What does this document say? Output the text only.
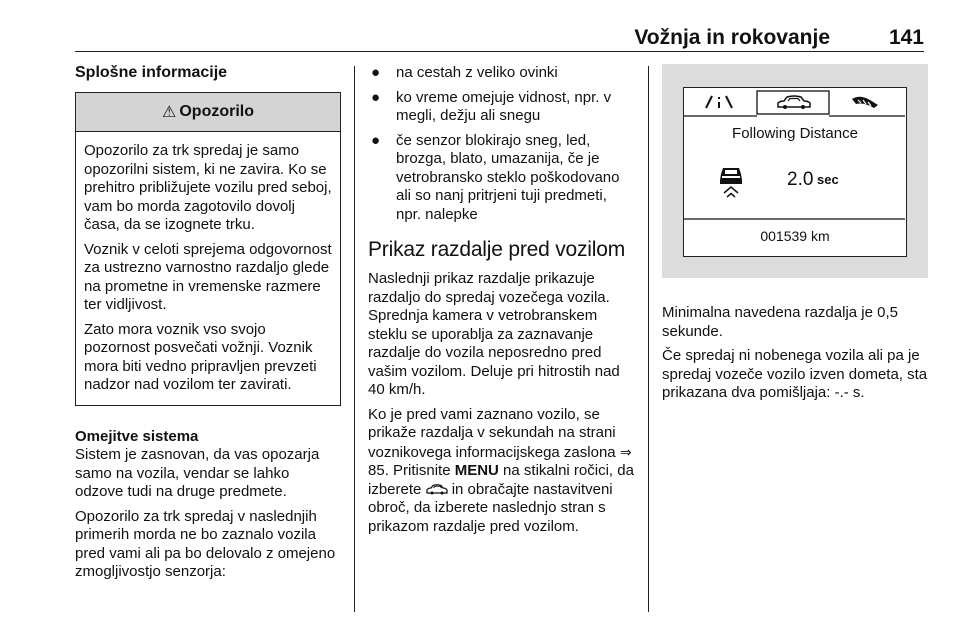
Vožnja in rokovanje	141
Splošne informacije
⚠ Opozorilo

Opozorilo za trk spredaj je samo opozorilni sistem, ki ne zavira. Ko se prehitro približujete vozilu pred seboj, vam bo morda zagotovilo dovolj časa, da se izognete trku.

Voznik v celoti sprejema odgovornost za ustrezno varnostno razdaljo glede na prometne in vremenske razmere ter vidljivost.

Zato mora voznik vso svojo pozornost posvečati vožnji. Voznik mora biti vedno pripravljen prevzeti nadzor nad vozilom ter zavirati.

Omejitve sistema

Sistem je zasnovan, da vas opozarja samo na vozila, vendar se lahko odzove tudi na druge predmete.

Opozorilo za trk spredaj v naslednjih primerih morda ne bo zaznalo vozila pred vami ali pa bo delovalo z omejeno zmogljivostjo senzorja:

●	na cestah z veliko ovinki
●	ko vreme omejuje vidnost, npr. v megli, dežju ali snegu
●	če senzor blokirajo sneg, led, brozga, blato, umazanija, če je vetrobransko steklo poškodovano ali so nanj pritrjeni tuji predmeti, npr. nalepke
Prikaz razdalje pred vozilom

Naslednji prikaz razdalje prikazuje razdaljo do spredaj vozečega vozila. Sprednja kamera v vetrobranskem steklu se uporablja za zaznavanje razdalje do vozila neposredno pred vašim vozilom. Deluje pri hitrostih nad 40 km/h.

Ko je pred vami zaznano vozilo, se prikaže razdalja v sekundah na strani voznikovega informacijskega zaslona ⇒ 85. Pritisnite MENU na stikalni ročici, da izberete  in obračajte nastavitveni obroč, da izberete naslednjo stran s prikazom razdalje pred vozilom.

Following Distance
2.0 sec
001539 km

Minimalna navedena razdalja je 0,5 sekunde.

Če spredaj ni nobenega vozila ali pa je spredaj vozeče vozilo izven dometa, sta prikazana dva pomišljaja: -.- s.
